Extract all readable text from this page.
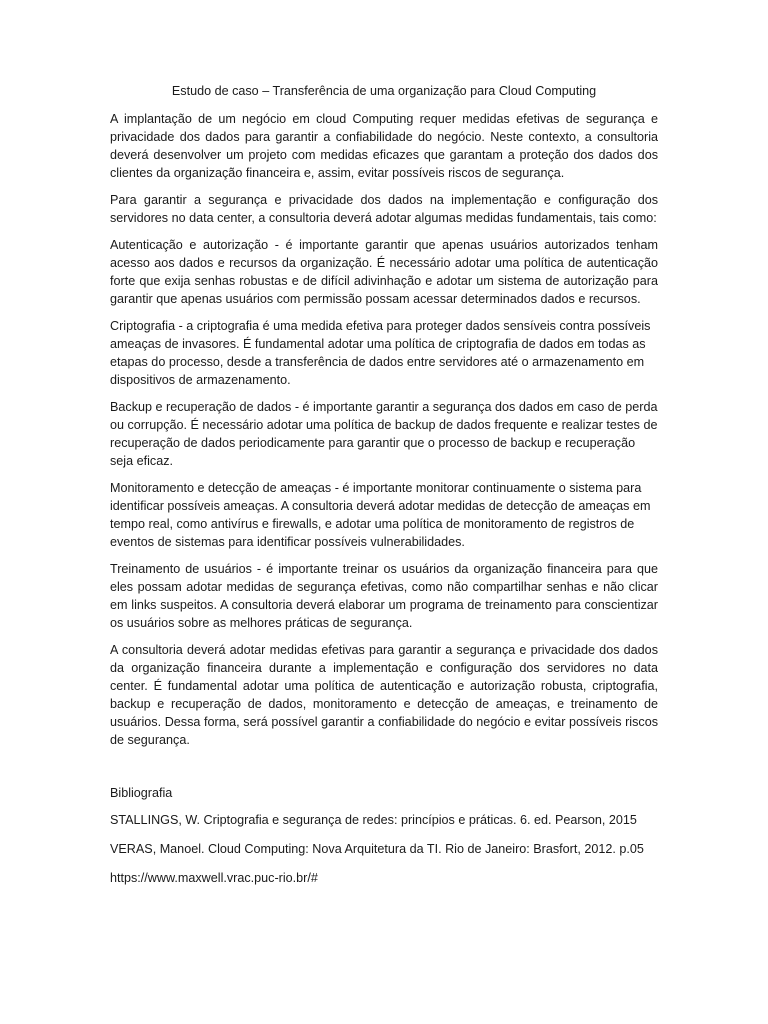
Estudo de caso – Transferência de uma organização para Cloud Computing

A implantação de um negócio em cloud Computing requer medidas efetivas de segurança e privacidade dos dados para garantir a confiabilidade do negócio. Neste contexto, a consultoria deverá desenvolver um projeto com medidas eficazes que garantam a proteção dos dados dos clientes da organização financeira e, assim, evitar possíveis riscos de segurança.

Para garantir a segurança e privacidade dos dados na implementação e configuração dos servidores no data center, a consultoria deverá adotar algumas medidas fundamentais, tais como:

Autenticação e autorização - é importante garantir que apenas usuários autorizados tenham acesso aos dados e recursos da organização. É necessário adotar uma política de autenticação forte que exija senhas robustas e de difícil adivinhação e adotar um sistema de autorização para garantir que apenas usuários com permissão possam acessar determinados dados e recursos.

Criptografia - a criptografia é uma medida efetiva para proteger dados sensíveis contra possíveis ameaças de invasores. É fundamental adotar uma política de criptografia de dados em todas as etapas do processo, desde a transferência de dados entre servidores até o armazenamento em dispositivos de armazenamento.

Backup e recuperação de dados - é importante garantir a segurança dos dados em caso de perda ou corrupção. É necessário adotar uma política de backup de dados frequente e realizar testes de recuperação de dados periodicamente para garantir que o processo de backup e recuperação seja eficaz.

Monitoramento e detecção de ameaças - é importante monitorar continuamente o sistema para identificar possíveis ameaças. A consultoria deverá adotar medidas de detecção de ameaças em tempo real, como antivírus e firewalls, e adotar uma política de monitoramento de registros de eventos de sistemas para identificar possíveis vulnerabilidades.

Treinamento de usuários - é importante treinar os usuários da organização financeira para que eles possam adotar medidas de segurança efetivas, como não compartilhar senhas e não clicar em links suspeitos. A consultoria deverá elaborar um programa de treinamento para conscientizar os usuários sobre as melhores práticas de segurança.

A consultoria deverá adotar medidas efetivas para garantir a segurança e privacidade dos dados da organização financeira durante a implementação e configuração dos servidores no data center. É fundamental adotar uma política de autenticação e autorização robusta, criptografia, backup e recuperação de dados, monitoramento e detecção de ameaças, e treinamento de usuários. Dessa forma, será possível garantir a confiabilidade do negócio e evitar possíveis riscos de segurança.

Bibliografia
STALLINGS, W. Criptografia e segurança de redes: princípios e práticas. 6. ed. Pearson, 2015
VERAS, Manoel. Cloud Computing: Nova Arquitetura da TI. Rio de Janeiro: Brasfort, 2012. p.05
https://www.maxwell.vrac.puc-rio.br/#
